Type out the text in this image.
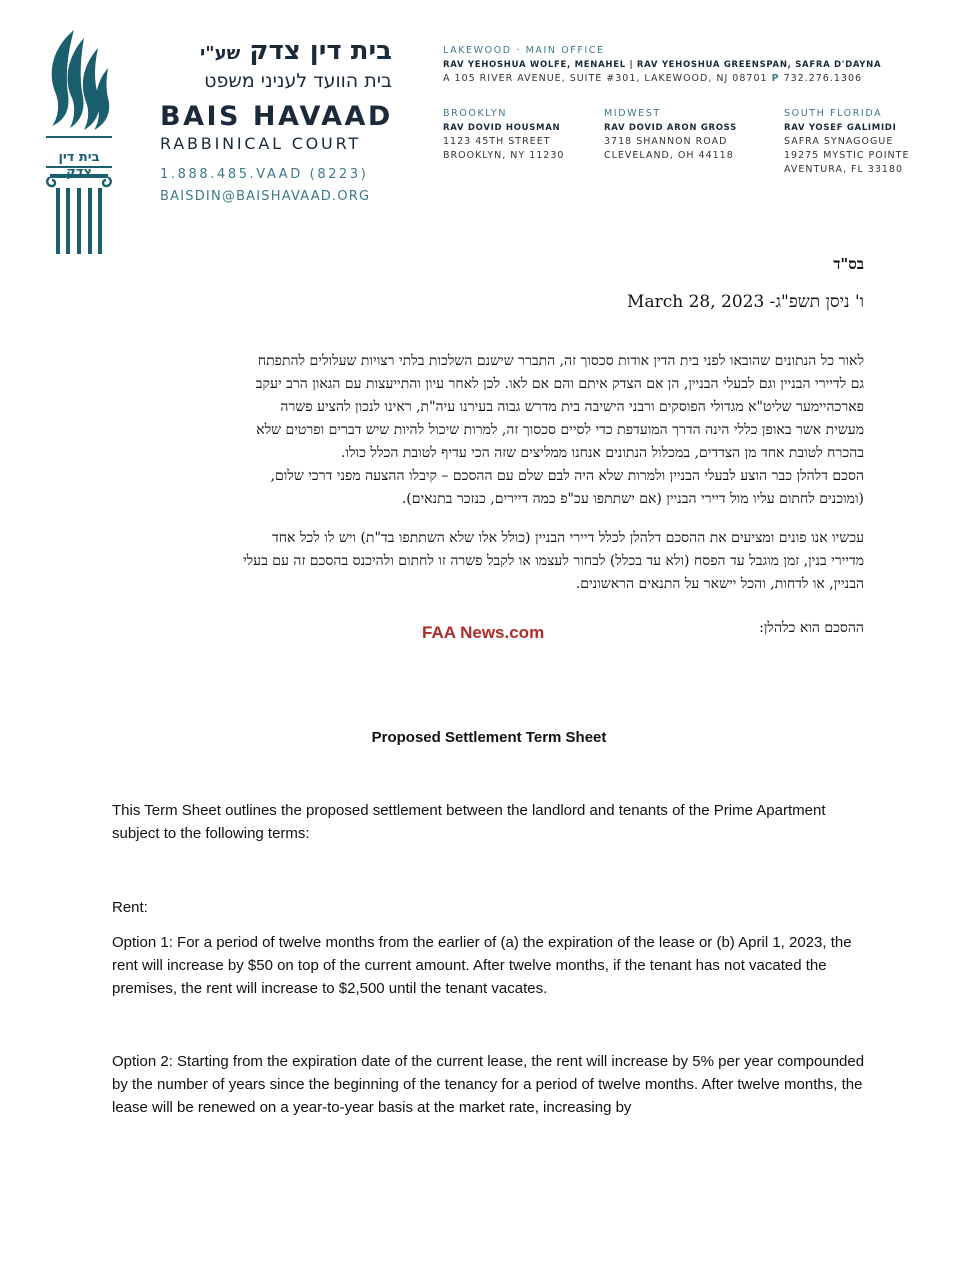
בית דין צדק
בית דין צדק שע"י
בית הוועד לעניני משפט
BAIS HAVAAD
RABBINICAL COURT
1.888.485.VAAD (8223)
BAISDIN@BAISHAVAAD.ORG
LAKEWOOD · MAIN OFFICE
RAV YEHOSHUA WOLFE, MENAHEL | RAV YEHOSHUA GREENSPAN, SAFRA D'DAYNA
A 105 RIVER AVENUE, SUITE #301, LAKEWOOD, NJ 08701 P 732.276.1306
BROOKLYN
RAV DOVID HOUSMAN
1123 45TH STREET
BROOKLYN, NY 11230
MIDWEST
RAV DOVID ARON GROSS
3718 SHANNON ROAD
CLEVELAND, OH 44118
SOUTH FLORIDA
RAV YOSEF GALIMIDI
SAFRA SYNAGOGUE
19275 MYSTIC POINTE
AVENTURA, FL 33180
בס"ד
ו' ניסן תשפ"ג- March 28, 2023
לאור כל הנתונים שהובאו לפני בית הדין אודות סכסוך זה, התברר שישנם השלכות בלתי רצויות שעלולים להתפתח
גם לדיירי הבניין וגם לבעלי הבניין, הן אם הצדק איתם והם אם לאו. לכן לאחר עיון והתייעצות עם הגאון הרב יעקב
פארכהיימער שליט"א מגדולי הפוסקים ורבני הישיבה בית מדרש גבוה בעירנו עיה"ת, ראינו לנכון להציע פשרה
מעשית אשר באופן כללי הינה הדרך המועדפת כדי לסיים סכסוך זה, למרות שיכול להיות שיש דברים ופרטים שלא
בהכרח לטובת אחד מן הצדדים, במכלול הנתונים אנחנו ממליצים שזה הכי עדיף לטובת הכלל כולו.
הסכם דלהלן כבר הוצע לבעלי הבניין ולמרות שלא היה לבם שלם עם ההסכם – קיבלו ההצעה מפני דרכי שלום,
(ומוכנים לחתום עליו מול דיירי הבניין (אם ישתתפו עכ"פ כמה דיירים, כנזכר בתנאים).
עכשיו אנו פונים ומציעים את ההסכם דלהלן לכלל דיירי הבניין (כולל אלו שלא השתתפו בד"ת) ויש לו לכל אחד
מדיירי בנין, זמן מוגבל עד הפסח (ולא עד בכלל) לבחור לעצמו או לקבל פשרה זו לחתום ולהיכנס בהסכם זה עם בעלי
הבניין, או לדחות, והכל יישאר על התנאים הראשונים.
FAA News.com	ההסכם הוא כלהלן:
Proposed Settlement Term Sheet
This Term Sheet outlines the proposed settlement between the landlord and tenants of the Prime Apartment subject to the following terms:
Rent:
Option 1: For a period of twelve months from the earlier of (a) the expiration of the lease or (b) April 1, 2023, the rent will increase by $50 on top of the current amount. After twelve months, if the tenant has not vacated the premises, the rent will increase to $2,500 until the tenant vacates.
Option 2: Starting from the expiration date of the current lease, the rent will increase by 5% per year compounded by the number of years since the beginning of the tenancy for a period of twelve months. After twelve months, the lease will be renewed on a year-to-year basis at the market rate, increasing by
